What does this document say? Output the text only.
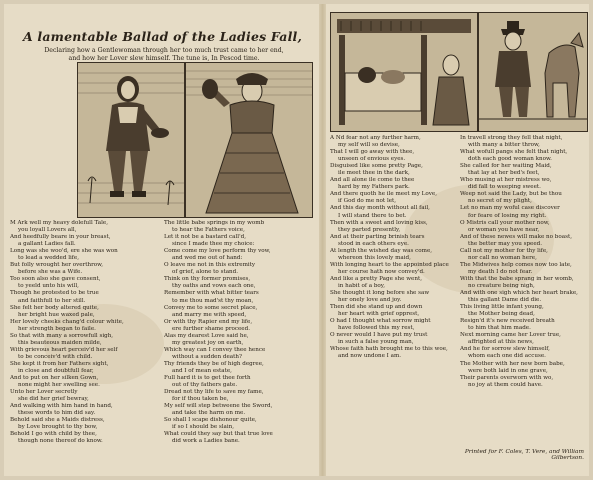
A lamentable Ballad of the Ladies Fall,
Declaring how a Gentlewoman through her too much trust came to her end,
and how her Lover slew himself. The tune is, In Pescod time.
M Ark well my heavy dolefull Tale,
you loyall Lovers all,
And heedfully beare in your breast,
a gallant Ladies fall.
Long was she woo'd, ere she was won
to lead a wedded life,
But folly wrought her overthrow,
before she was a Wife.
Too soon also she gave consent,
to yeeld unto his will,
Though he protested to be true
and faithfull to her still.
She felt her body altered quite,
her bright hue waxed pale,
Her lovely cheeks chang'd colour white,
her strength began to faile.
So that with many a sorrowfull sigh,
this beauteous maiden milde,
With grievous heart perceiv'd her self
to be conceiv'd with child.
She kept it from her Fathers sight,
in close and doubtfull fear,
And to put on her silken Gown,
none might her swelling see.
Unto her Lover secretly
she did her grief bewray,
And walking with him hand in hand,
these words to him did say.
Behold said she a Maids distress,
by Love brought to thy bow,
Behold I go with child by thee,
though none thereof do know.
The little babe springs in my womb
to hear the Fathers voice,
Let it not be a bastard call'd,
since I made thee my choice:
Come come my love perform thy vow,
and wed me out of hand:
O leave me not in this extremity
of grief, alone to stand.
Think on thy former promises,
thy oaths and vows each one,
Remember with what bitter tears
to me thou mad'st thy moan,
Convey me to some secret place,
and marry me with speed,
Or with thy Rapier end my life,
ere further shame proceed.
Alas my dearest Love said he,
my greatest joy on earth,
Which way can I convey thee hence
without a sudden death?
Thy friends they be of high degree,
and I of mean estate,
Full hard it is to get thee forth
out of thy fathers gate.
Dread not thy life to save my fame,
for if thou taken be,
My self will step betweene the Sword,
and take the harm on me.
So shall I scape dishonour quite,
if so I should be slain,
What could they say but that true love
did work a Ladies bane.
A Nd fear not any further harm,
my self will so devise,
That I will go away with thee,
unseen of envious eyes.
Disguised like some pretty Page,
ile meet thee in the dark,
And all alone ile come to thee
hard by my Fathers park.
And there quoth he ile meet my Love,
if God do me not let,
And this day month without all fail,
I will stand there to bet.
Then with a sweet and loving kiss,
they parted presently,
And at their parting brinish tears
stood in each others eye.
At length the wished day was come,
whereon this lovely maid,
With longing heart to the appointed place
her course hath now convey'd.
And like a pretty Page she went,
in habit of a boy,
She thought it long before she saw
her onely love and joy.
Then did she stand up and down
her heart with grief opprest,
O had I thought what sorrow might
have followed this my rest,
O never would I have put my trust
in such a false young man,
Whose faith hath brought me to this woe,
and now undone I am.
In travell strong they fell that night,
with many a bitter throw,
What wofull pangs she felt that night,
doth each good woman know.
She called for her waiting Maid,
that lay at her bed's feet,
Who musing at her mistress wo,
did fall to weeping sweet.
Weep not said the Lady, but be thou
no secret of my plight,
Let no man my woful case discover
for feare of losing my right.
O Mistris call your mother now,
or woman you have near,
And of these newes will make no boast,
the better may you speed.
Call not my mother for thy life,
nor call no woman here,
The Midwives help comes now too late,
my death I do not fear.
With that the babe sprang in her womb,
no creature being nigh,
And with one sigh which her heart brake,
this gallant Dame did die.
This living little infant young,
the Mother being dead,
Resign'd it's new received breath
to him that him made.
Next morning came her Lover true,
affrighted at this news,
And he for sorrow slew himself,
whom each one did accuse.
The Mother with her new born babe,
were both laid in one grave,
Their parents overworn with wo,
no joy at them could have.
Printed for F. Coles, T. Vere, and William Gilbertson.
